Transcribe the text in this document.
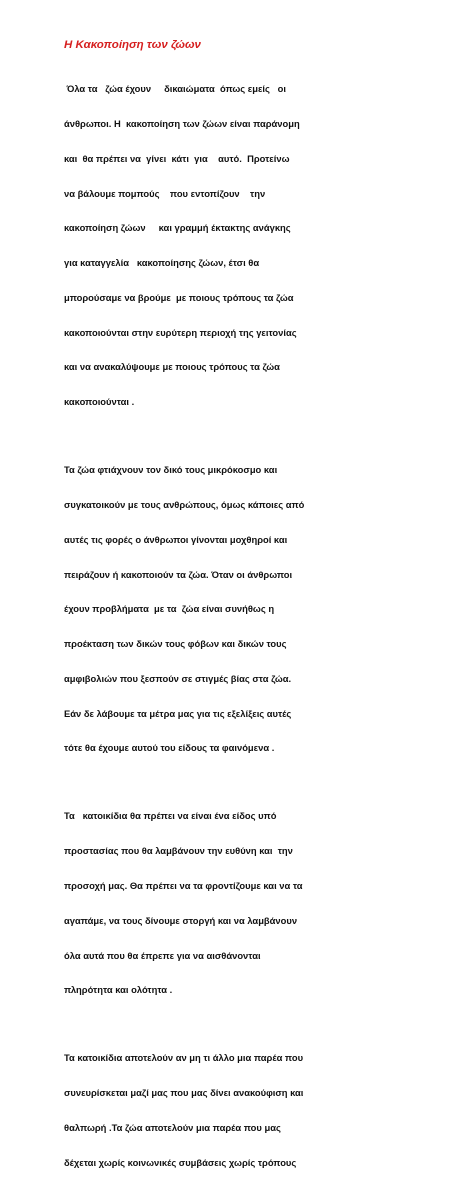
Η Κακοποίηση των ζώων

Όλα τα   ζώα έχουν     δικαιώματα  όπως εμείς   οι

άνθρωποι. Η  κακοποίηση των ζώων είναι παράνομη

και  θα πρέπει να  γίνει  κάτι  για    αυτό.  Προτείνω

να βάλουμε πομπούς    που εντοπίζουν    την

κακοποίηση ζώων     και γραμμή έκτακτης ανάγκης

για καταγγελία   κακοποίησης ζώων, έτσι θα

μπορούσαμε να βρούμε  με ποιους τρόπους τα ζώα

κακοποιούνται στην ευρύτερη περιοχή της γειτονίας

και να ανακαλύψουμε με ποιους τρόπους τα ζώα

κακοποιούνται .

Τα ζώα φτιάχνουν τον δικό τους μικρόκοσμο και

συγκατοικούν με τους ανθρώπους, όμως κάποιες από

αυτές τις φορές ο άνθρωποι γίνονται μοχθηροί και

πειράζουν ή κακοποιούν τα ζώα. Όταν οι άνθρωποι

έχουν προβλήματα  με τα  ζώα είναι συνήθως η

προέκταση των δικών τους φόβων και δικών τους

αμφιβολιών που ξεσπούν σε στιγμές βίας στα ζώα.

Εάν δε λάβουμε τα μέτρα μας για τις εξελίξεις αυτές

τότε θα έχουμε αυτού του είδους τα φαινόμενα .

Τα   κατοικίδια θα πρέπει να είναι ένα είδος υπό

προστασίας που θα λαμβάνουν την ευθύνη και  την

προσοχή μας. Θα πρέπει να τα φροντίζουμε και να τα

αγαπάμε, να τους δίνουμε στοργή και να λαμβάνουν

όλα αυτά που θα έπρεπε για να αισθάνονται

πληρότητα και ολότητα .

Τα κατοικίδια αποτελούν αν μη τι άλλο μια παρέα που

συνευρίσκεται μαζί μας που μας δίνει ανακούφιση και

θαλπωρή .Τα ζώα αποτελούν μια παρέα που μας

δέχεται χωρίς κοινωνικές συμβάσεις χωρίς τρόπους
